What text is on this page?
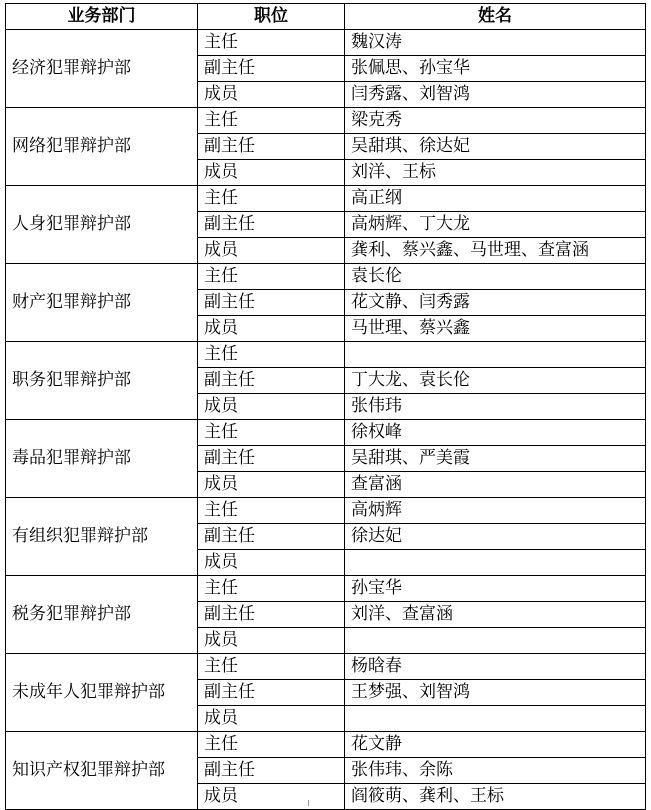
业务部门	职位	姓名
经济犯罪辩护部	主任	魏汉涛
	副主任	张佩思、孙宝华
	成员	闫秀露、刘智鸿
网络犯罪辩护部	主任	梁克秀
	副主任	吴甜琪、徐达妃
	成员	刘洋、王标
人身犯罪辩护部	主任	高正纲
	副主任	高炳辉、丁大龙
	成员	龚利、蔡兴鑫、马世理、查富涵
财产犯罪辩护部	主任	袁长伦
	副主任	花文静、闫秀露
	成员	马世理、蔡兴鑫
职务犯罪辩护部	主任	
	副主任	丁大龙、袁长伦
	成员	张伟玮
毒品犯罪辩护部	主任	徐权峰
	副主任	吴甜琪、严美霞
	成员	查富涵
有组织犯罪辩护部	主任	高炳辉
	副主任	徐达妃
	成员	
税务犯罪辩护部	主任	孙宝华
	副主任	刘洋、查富涵
	成员	
未成年人犯罪辩护部	主任	杨晗春
	副主任	王梦强、刘智鸿
	成员	
知识产权犯罪辩护部	主任	花文静
	副主任	张伟玮、余陈
	成员	阎筱萌、龚利、王标
